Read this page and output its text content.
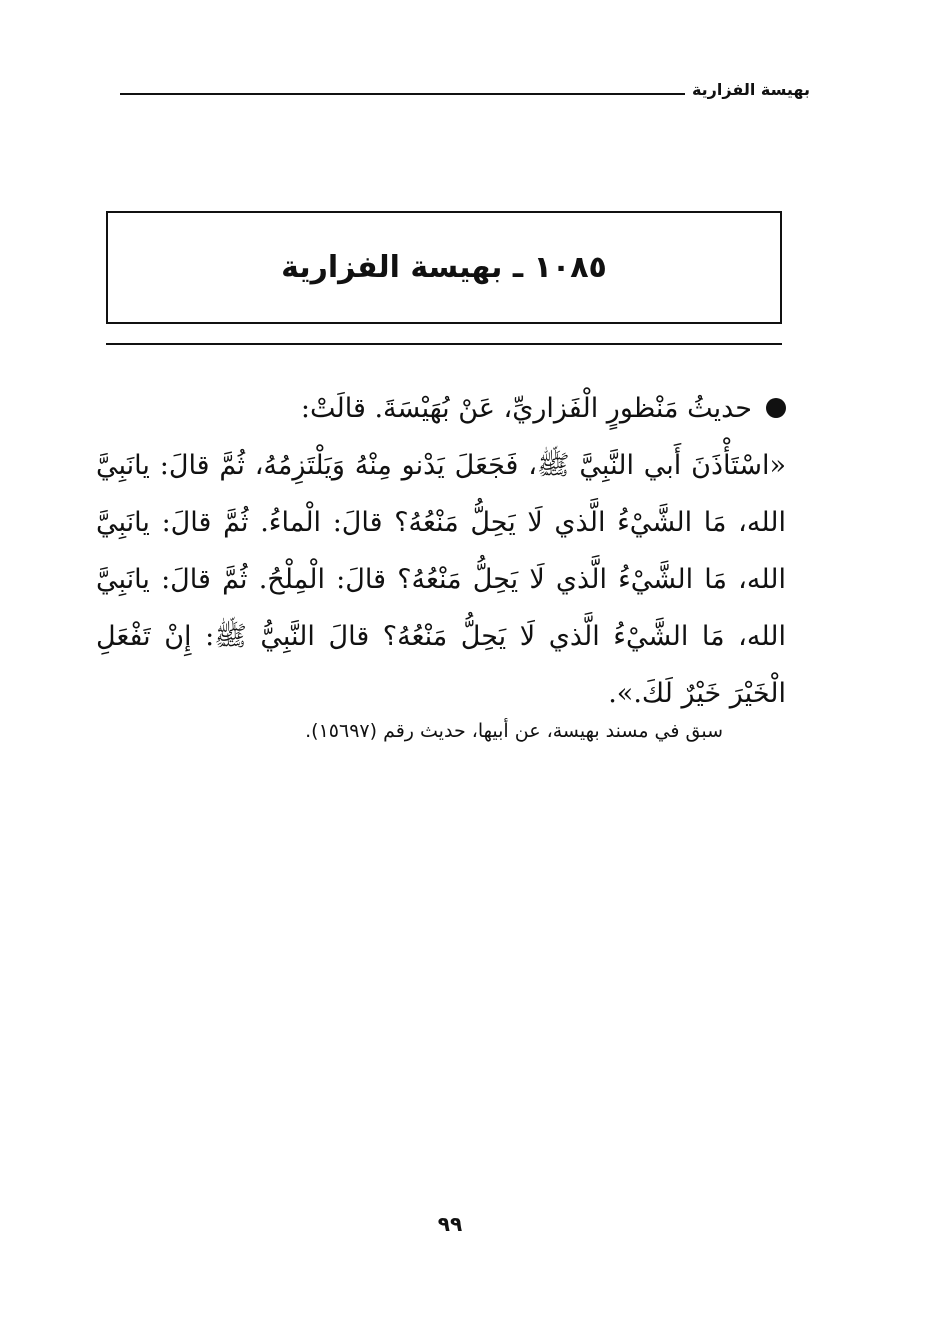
بهيسة الفزارية
١٠٨٥ ـ بهيسة الفزارية

حديثُ مَنْظورٍ الْفَزاريِّ، عَنْ بُهَيْسَةَ. قالَتْ:

«اسْتَأْذَنَ أَبي النَّبِيَّ ﷺ، فَجَعَلَ يَدْنو مِنْهُ وَيَلْتَزِمُهُ، ثُمَّ قالَ: يانَبِيَّ الله، مَا الشَّيْءُ الَّذي لَا يَحِلُّ مَنْعُهُ؟ قالَ: الْماءُ. ثُمَّ قالَ: يانَبِيَّ الله، مَا الشَّيْءُ الَّذي لَا يَحِلُّ مَنْعُهُ؟ قالَ: الْمِلْحُ. ثُمَّ قالَ: يانَبِيَّ الله، مَا الشَّيْءُ الَّذي لَا يَحِلُّ مَنْعُهُ؟ قالَ النَّبِيُّ ﷺ: إِنْ تَفْعَلِ الْخَيْرَ خَيْرٌ لَكَ.».

سبق في مسند بهيسة، عن أبيها، حديث رقم (١٥٦٩٧).
٩٩
